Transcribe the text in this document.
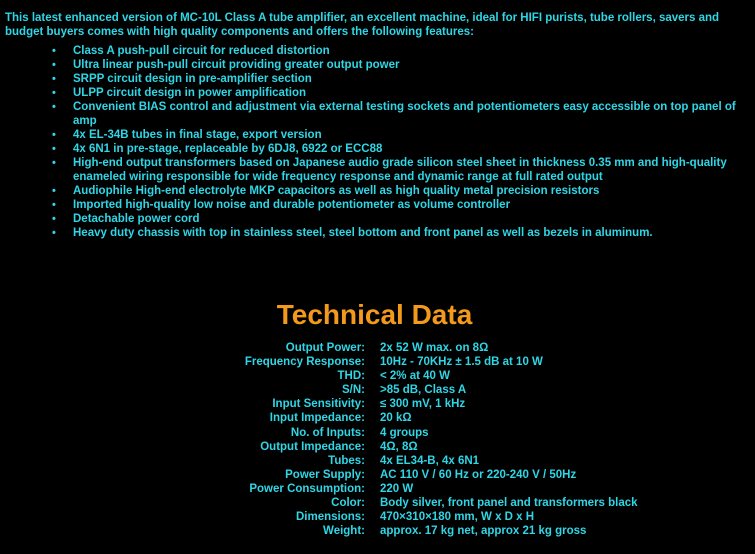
This latest enhanced version of MC-10L Class A tube amplifier, an excellent machine, ideal for HIFI purists, tube rollers, savers and budget buyers comes with high quality components and offers the following features:

• Class A push-pull circuit for reduced distortion
• Ultra linear push-pull circuit providing greater output power
• SRPP circuit design in pre-amplifier section
• ULPP circuit design in power amplification
• Convenient BIAS control and adjustment via external testing sockets and potentiometers easy accessible on top panel of amp
• 4x EL-34B tubes in final stage, export version
• 4x 6N1 in pre-stage, replaceable by 6DJ8, 6922 or ECC88
• High-end output transformers based on Japanese audio grade silicon steel sheet in thickness 0.35 mm and high-quality enameled wiring responsible for wide frequency response and dynamic range at full rated output
• Audiophile High-end electrolyte MKP capacitors as well as high quality metal precision resistors
• Imported high-quality low noise and durable potentiometer as volume controller
• Detachable power cord
• Heavy duty chassis with top in stainless steel, steel bottom and front panel as well as bezels in aluminum.
Technical Data
Output Power: 2x 52 W max. on 8Ω
Frequency Response: 10Hz - 70KHz ± 1.5 dB at 10 W
THD: < 2% at 40 W
S/N: >85 dB, Class A
Input Sensitivity: ≤ 300 mV, 1 kHz
Input Impedance: 20 kΩ
No. of Inputs: 4 groups
Output Impedance: 4Ω, 8Ω
Tubes: 4x EL34-B, 4x 6N1
Power Supply: AC 110 V / 60 Hz or 220-240 V / 50Hz
Power Consumption: 220 W
Color: Body silver, front panel and transformers black
Dimensions: 470×310×180 mm, W x D x H
Weight: approx. 17 kg net, approx 21 kg gross
